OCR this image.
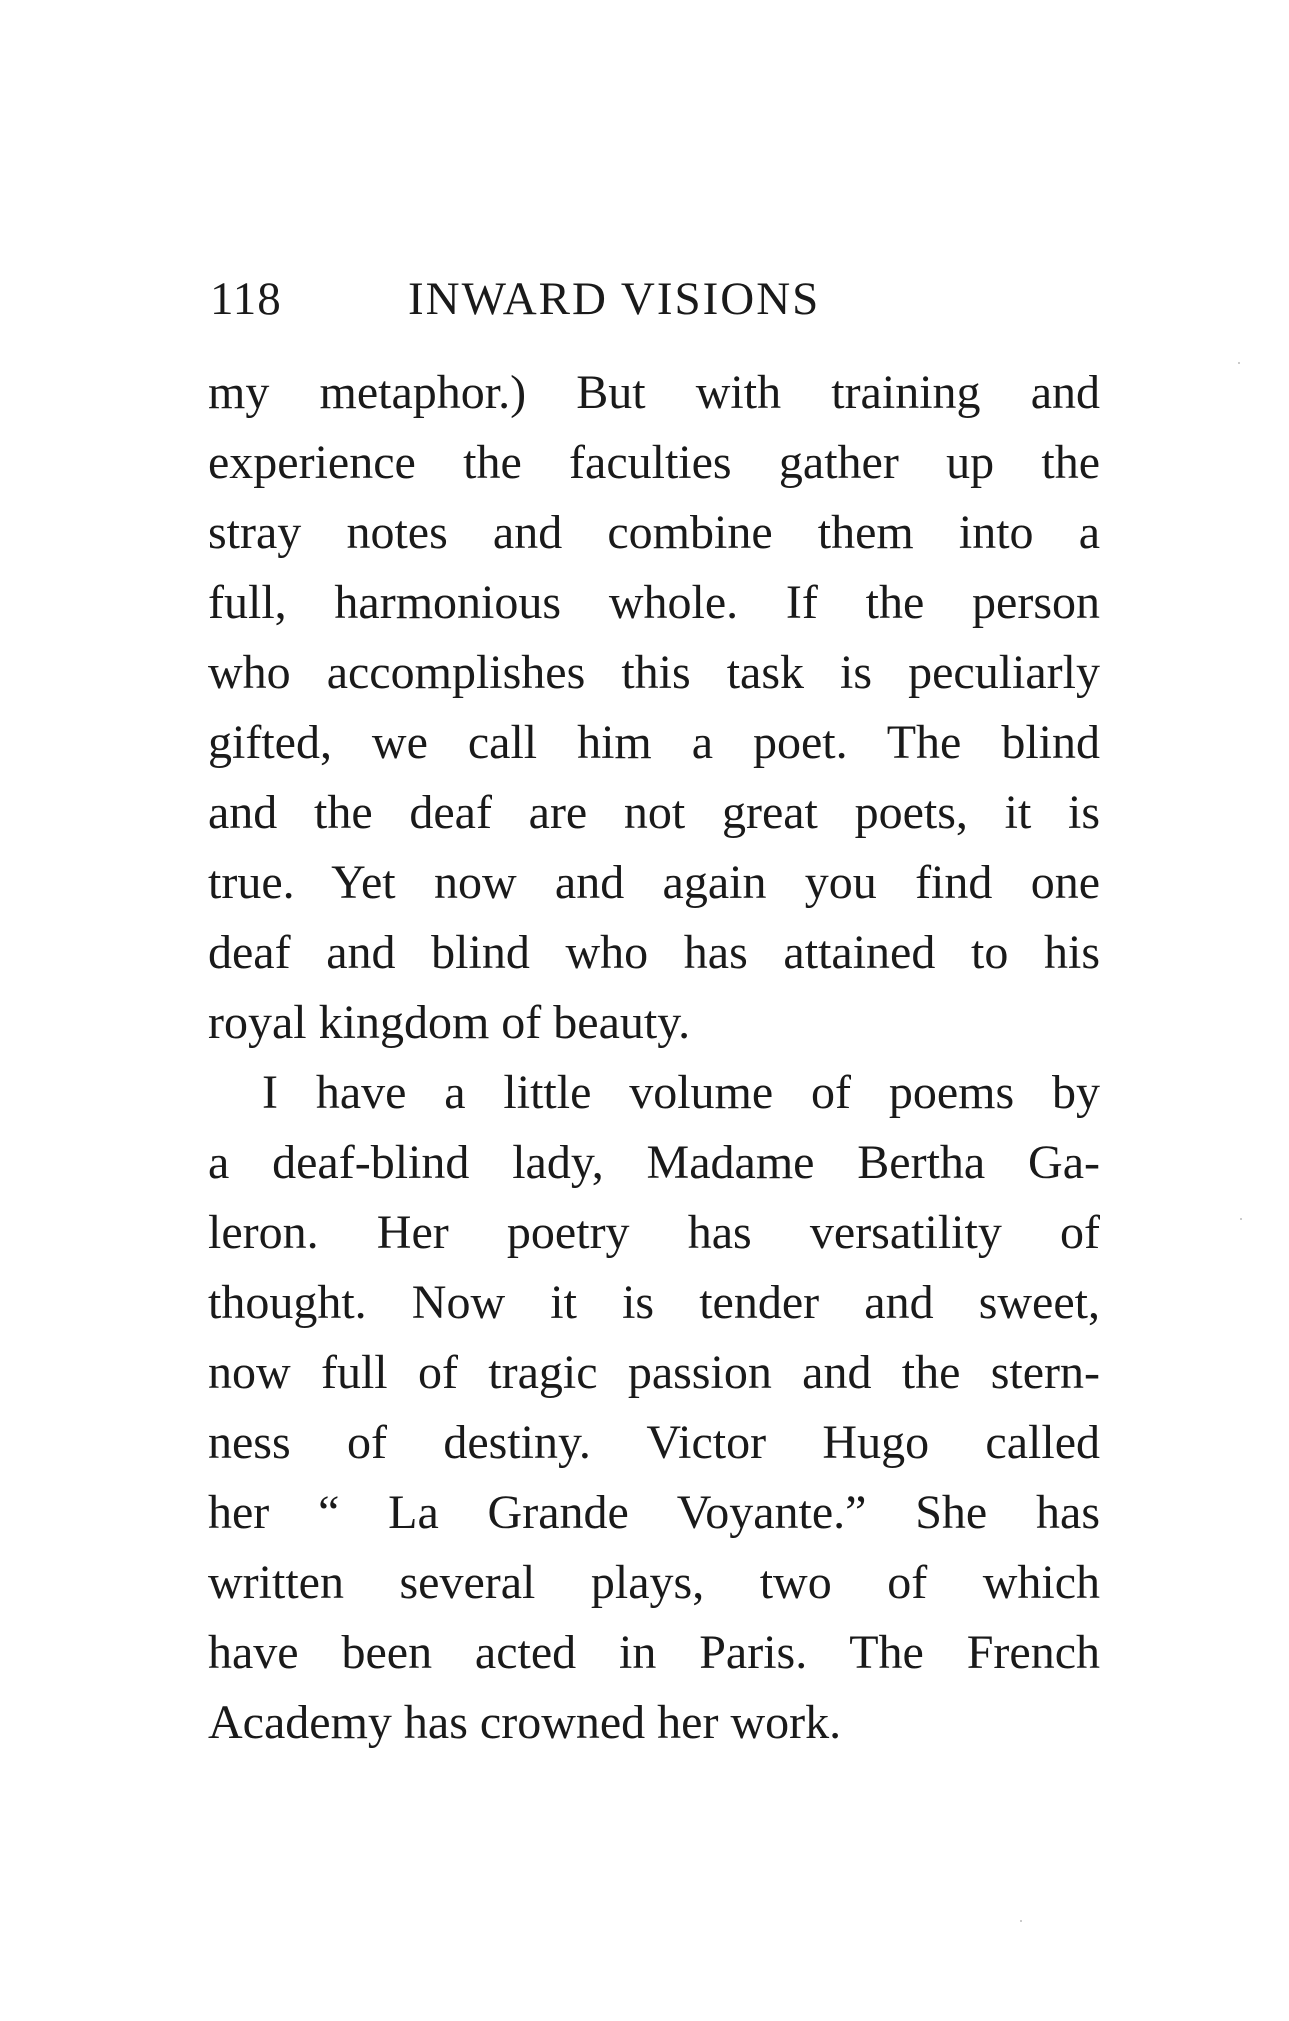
118	INWARD VISIONS
my metaphor.) But with training and
experience the faculties gather up the
stray notes and combine them into a
full, harmonious whole. If the person
who accomplishes this task is peculiarly
gifted, we call him a poet. The blind
and the deaf are not great poets, it is
true. Yet now and again you find one
deaf and blind who has attained to his
royal kingdom of beauty.
I have a little volume of poems by
a deaf-blind lady, Madame Bertha Ga-
leron. Her poetry has versatility of
thought. Now it is tender and sweet,
now full of tragic passion and the stern-
ness of destiny. Victor Hugo called
her “ La Grande Voyante.” She has
written several plays, two of which
have been acted in Paris. The French
Academy has crowned her work.
